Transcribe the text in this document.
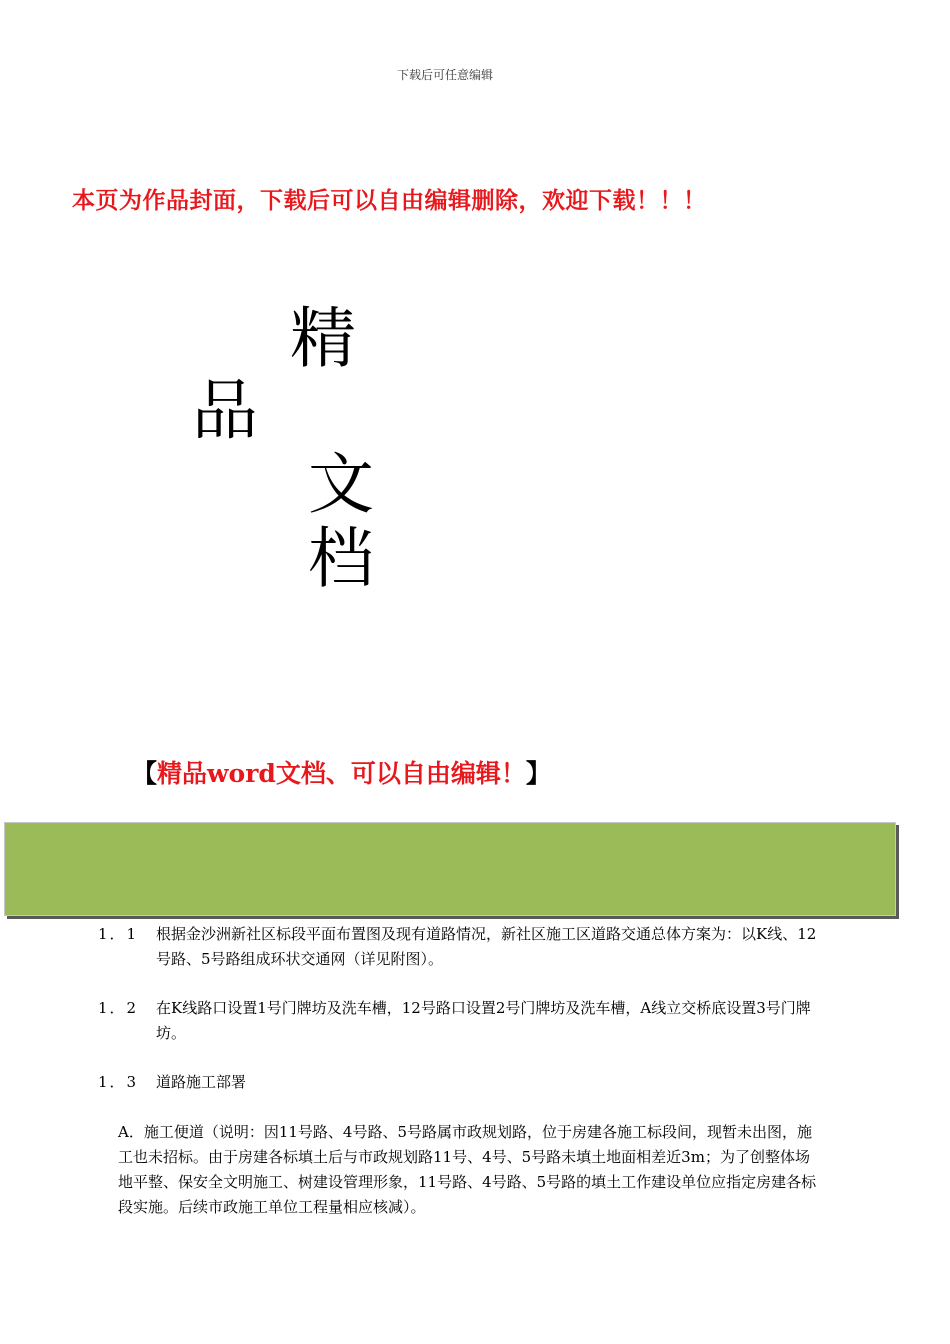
下载后可任意编辑
本页为作品封面，下载后可以自由编辑删除，欢迎下载！！！
精
品
文
档
【精品word文档、可以自由编辑！】
1．1	根据金沙洲新社区标段平面布置图及现有道路情况，新社区施工区道路交通总体方案为：以K线、12号路、5号路组成环状交通网（详见附图）。
1．2	在K线路口设置1号门牌坊及洗车槽，12号路口设置2号门牌坊及洗车槽，A线立交桥底设置3号门牌坊。
1．3	道路施工部署
A．施工便道（说明：因11号路、4号路、5号路属市政规划路，位于房建各施工标段间，现暂未出图，施工也未招标。由于房建各标填土后与市政规划路11号、4号、5号路未填土地面相差近3m；为了创整体场地平整、保安全文明施工、树建设管理形象，11号路、4号路、5号路的填土工作建设单位应指定房建各标段实施。后续市政施工单位工程量相应核减）。
